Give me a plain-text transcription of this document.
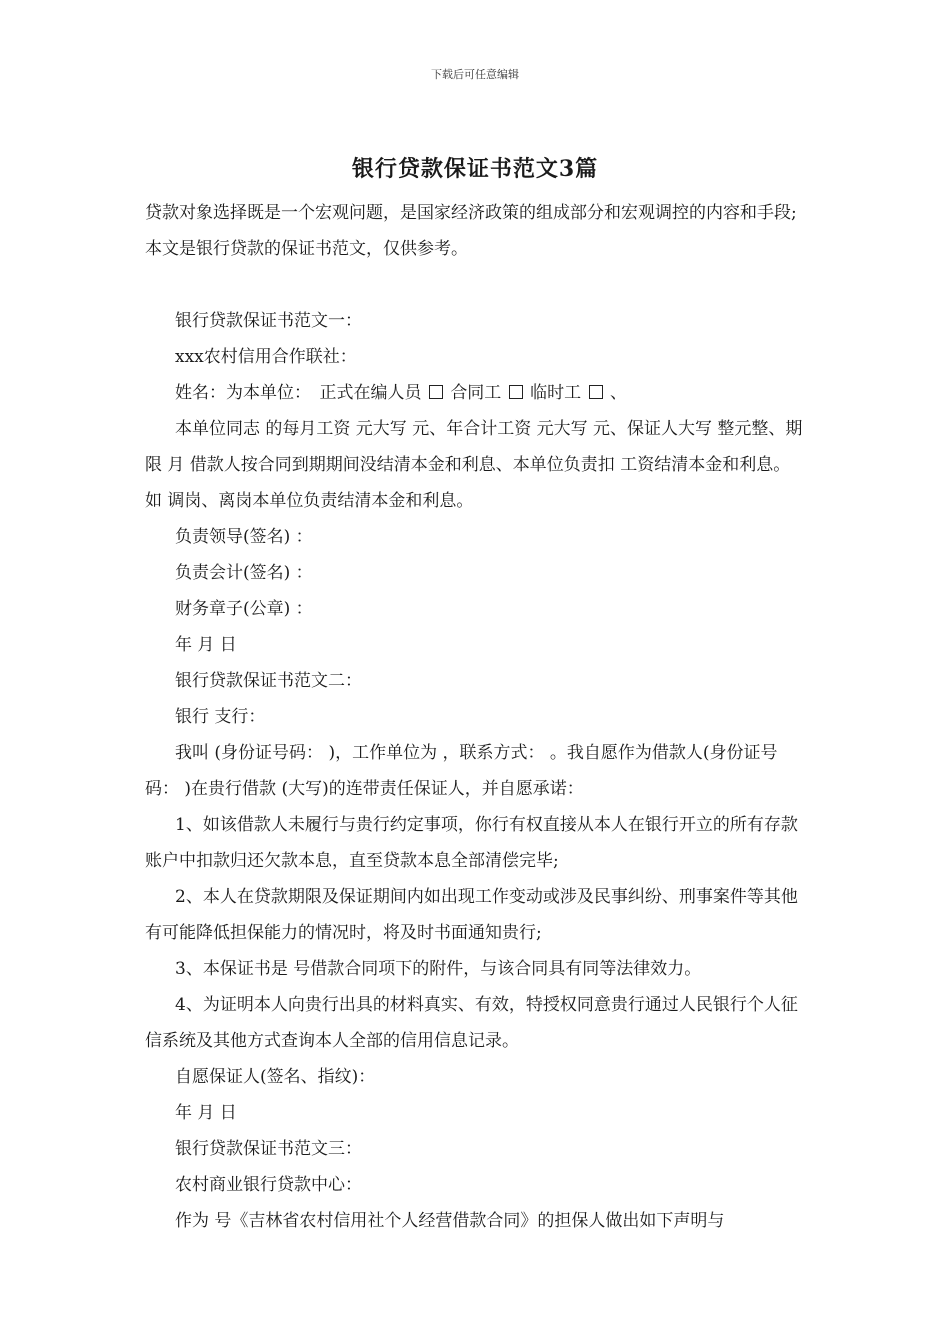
下载后可任意编辑
银行贷款保证书范文3篇

贷款对象选择既是一个宏观问题，是国家经济政策的组成部分和宏观调控的内容和手段;本文是银行贷款的保证书范文，仅供参考。

银行贷款保证书范文一：

xxx农村信用合作联社：

姓名：为本单位：　正式在编人员 合同工 临时工 、

本单位同志 的每月工资 元大写 元、年合计工资 元大写 元、保证人大写 整元整、期限 月 借款人按合同到期期间没结清本金和利息、本单位负责扣 工资结清本金和利息。如 调岗、离岗本单位负责结清本金和利息。

负责领导(签名) ：

负责会计(签名) ：

财务章子(公章) ：

年 月 日

银行贷款保证书范文二：

银行 支行：

我叫 (身份证号码： )，工作单位为 ，联系方式： 。我自愿作为借款人(身份证号码： )在贵行借款 (大写)的连带责任保证人，并自愿承诺：

1、如该借款人未履行与贵行约定事项，你行有权直接从本人在银行开立的所有存款账户中扣款归还欠款本息，直至贷款本息全部清偿完毕;

2、本人在贷款期限及保证期间内如出现工作变动或涉及民事纠纷、刑事案件等其他有可能降低担保能力的情况时，将及时书面通知贵行;

3、本保证书是 号借款合同项下的附件，与该合同具有同等法律效力。

4、为证明本人向贵行出具的材料真实、有效，特授权同意贵行通过人民银行个人征信系统及其他方式查询本人全部的信用信息记录。

自愿保证人(签名、指纹)：

年 月 日

银行贷款保证书范文三：

农村商业银行贷款中心：

作为 号《吉林省农村信用社个人经营借款合同》的担保人做出如下声明与
